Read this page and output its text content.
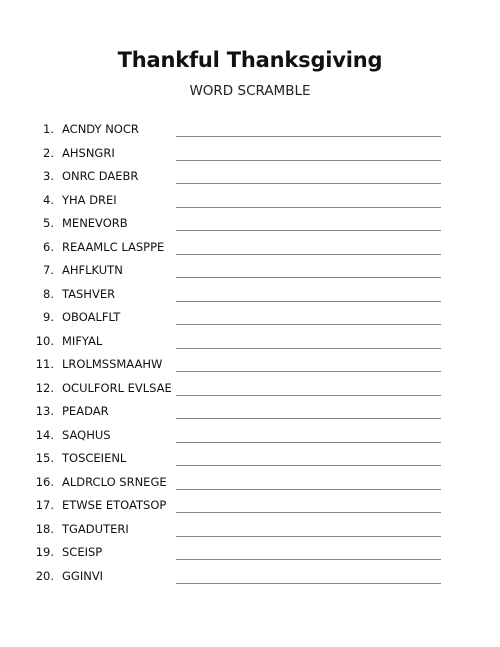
Thankful Thanksgiving
WORD SCRAMBLE
1. ACNDY NOCR
2. AHSNGRI
3. ONRC DAEBR
4. YHA DREI
5. MENEVORB
6. REAAMLC LASPPE
7. AHFLKUTN
8. TASHVER
9. OBOALFLT
10. MIFYAL
11. LROLMSSMAAHW
12. OCULFORL EVLSAE
13. PEADAR
14. SAQHUS
15. TOSCEIENL
16. ALDRCLO SRNEGE
17. ETWSE ETOATSOP
18. TGADUTERI
19. SCEISP
20. GGINVI
